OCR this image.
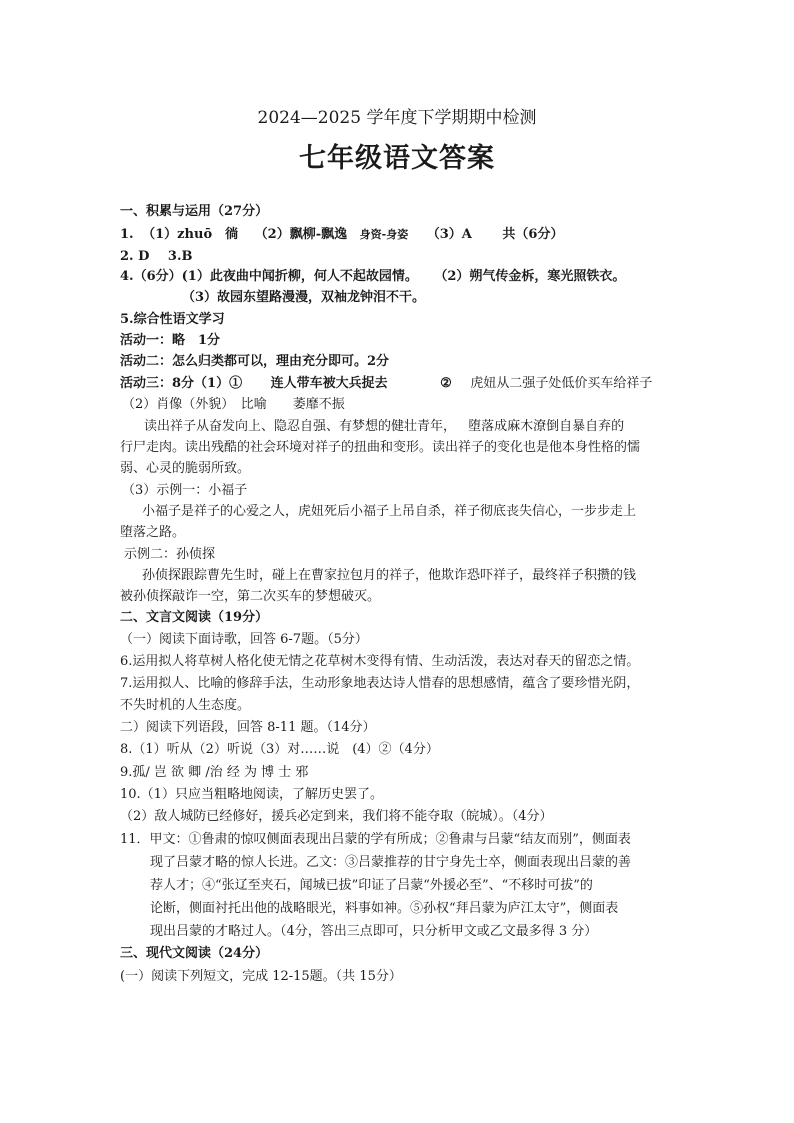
2024—2025 学年度下学期期中检测
七年级语文答案
一、积累与运用（27分）
1. （1）zhuō　徜 （2）飘柳-飘逸 身资-身姿 （3）A 共（6分）
2. D 3.B
4.（6分）(1）此夜曲中闻折柳，何人不起故园情。 （2）朔气传金柝，寒光照铁衣。
（3）故园东望路漫漫，双袖龙钟泪不干。
5.综合性语文学习
活动一：略　1分
活动二：怎么归类都可以，理由充分即可。2分
活动三：8分（1）① 连人带车被大兵捉去	② 虎妞从二强子处低价买车给祥子
（2）肖像（外貌）　比喻　　萎靡不振
读出祥子从奋发向上、隐忍自强、有梦想的健壮青年， 堕落成麻木潦倒自暴自弃的
行尸走肉。读出残酷的社会环境对祥子的扭曲和变形。读出祥子的变化也是他本身性格的懦
弱、心灵的脆弱所致。
（3）示例一：小福子
小福子是祥子的心爱之人，虎妞死后小福子上吊自杀，祥子彻底丧失信心，一步步走上
堕落之路。
示例二：孙侦探
孙侦探跟踪曹先生时，碰上在曹家拉包月的祥子，他欺诈恐吓祥子，最终祥子积攒的钱
被孙侦探敲诈一空，第二次买车的梦想破灭。
二、文言文阅读（19分）
（一）阅读下面诗歌，回答 6-7题。（5分）
6.运用拟人将草树人格化使无情之花草树木变得有情、生动活泼，表达对春天的留恋之情。
7.运用拟人、比喻的修辞手法，生动形象地表达诗人惜春的思想感情，蕴含了要珍惜光阴，
不失时机的人生态度。
二）阅读下列语段，回答 8-11 题。（14分）
8.（1）听从（2）听说（3）对……说　(4）②（4分）
9.孤/ 岂 欲 卿 /治 经 为 博 士 邪
10.（1）只应当粗略地阅读，了解历史罢了。
（2）敌人城防已经修好，援兵必定到来，我们将不能夺取（皖城）。（4分）
11．甲文：①鲁肃的惊叹侧面表现出吕蒙的学有所成；②鲁肃与吕蒙“结友而别”，侧面表
现了吕蒙才略的惊人长进。乙文：③吕蒙推荐的甘宁身先士卒，侧面表现出吕蒙的善
荐人才；④“张辽至夹石，闻城已拔”印证了吕蒙“外援必至”、“不移时可拔”的
论断，侧面衬托出他的战略眼光，料事如神。⑤孙权“拜吕蒙为庐江太守”，侧面表
现出吕蒙的才略过人。（4分，答出三点即可，只分析甲文或乙文最多得 3 分）
三、现代文阅读（24分）
(一）阅读下列短文，完成 12-15题。（共 15分）
